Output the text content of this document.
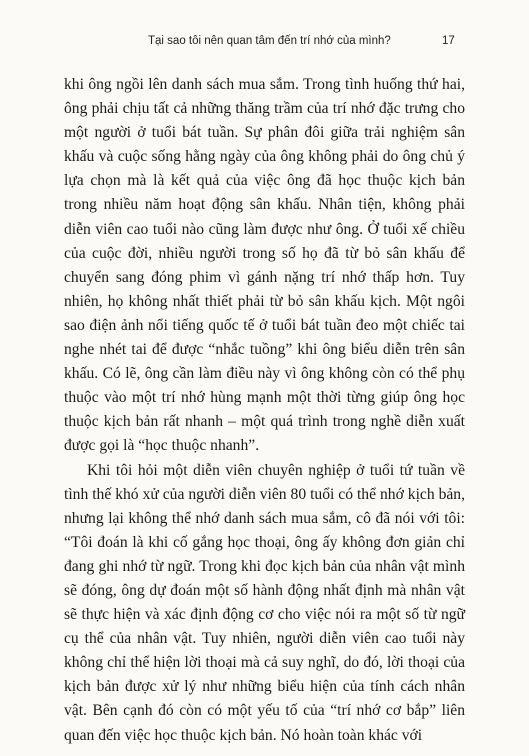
Tại sao tôi nên quan tâm đến trí nhớ của mình?	17

khi ông ngồi lên danh sách mua sắm. Trong tình huống thứ hai, ông phải chịu tất cả những thăng trầm của trí nhớ đặc trưng cho một người ở tuổi bát tuần. Sự phân đôi giữa trải nghiệm sân khấu và cuộc sống hằng ngày của ông không phải do ông chủ ý lựa chọn mà là kết quả của việc ông đã học thuộc kịch bản trong nhiều năm hoạt động sân khấu. Nhân tiện, không phải diễn viên cao tuổi nào cũng làm được như ông. Ở tuổi xế chiều của cuộc đời, nhiều người trong số họ đã từ bỏ sân khấu để chuyển sang đóng phim vì gánh nặng trí nhớ thấp hơn. Tuy nhiên, họ không nhất thiết phải từ bỏ sân khấu kịch. Một ngôi sao điện ảnh nổi tiếng quốc tế ở tuổi bát tuần đeo một chiếc tai nghe nhét tai để được “nhắc tuồng” khi ông biểu diễn trên sân khấu. Có lẽ, ông cần làm điều này vì ông không còn có thể phụ thuộc vào một trí nhớ hùng mạnh một thời từng giúp ông học thuộc kịch bản rất nhanh – một quá trình trong nghề diễn xuất được gọi là “học thuộc nhanh”.

Khi tôi hỏi một diễn viên chuyên nghiệp ở tuổi tứ tuần về tình thế khó xử của người diễn viên 80 tuổi có thể nhớ kịch bản, nhưng lại không thể nhớ danh sách mua sắm, cô đã nói với tôi: “Tôi đoán là khi cố gắng học thoại, ông ấy không đơn giản chỉ đang ghi nhớ từ ngữ. Trong khi đọc kịch bản của nhân vật mình sẽ đóng, ông dự đoán một số hành động nhất định mà nhân vật sẽ thực hiện và xác định động cơ cho việc nói ra một số từ ngữ cụ thể của nhân vật. Tuy nhiên, người diễn viên cao tuổi này không chỉ thể hiện lời thoại mà cả suy nghĩ, do đó, lời thoại của kịch bản được xử lý như những biểu hiện của tính cách nhân vật. Bên cạnh đó còn có một yếu tố của “trí nhớ cơ bắp” liên quan đến việc học thuộc kịch bản. Nó hoàn toàn khác với
